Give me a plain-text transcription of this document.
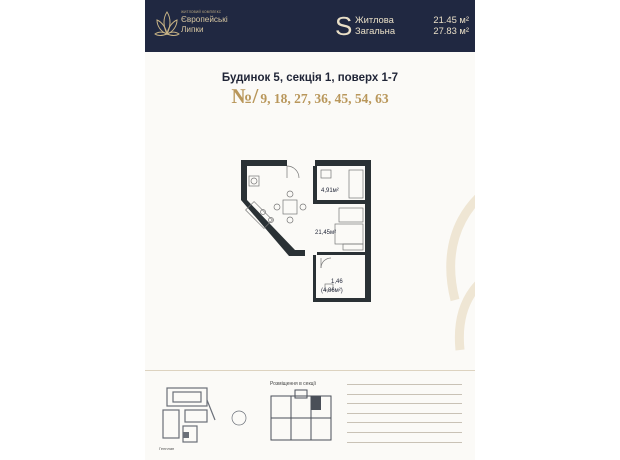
ЖИТЛОВИЙ КОМПЛЕКС
Європейські
Липки	S Житлова	21.45 м²
Загальна	27.83 м²
Будинок 5, секція 1, поверх 1-7
№/ 9, 18, 27, 36, 45, 54, 63
4,91м²
21,45м²
1,46
(4,86м²)
Генплан
Розміщення в секції
